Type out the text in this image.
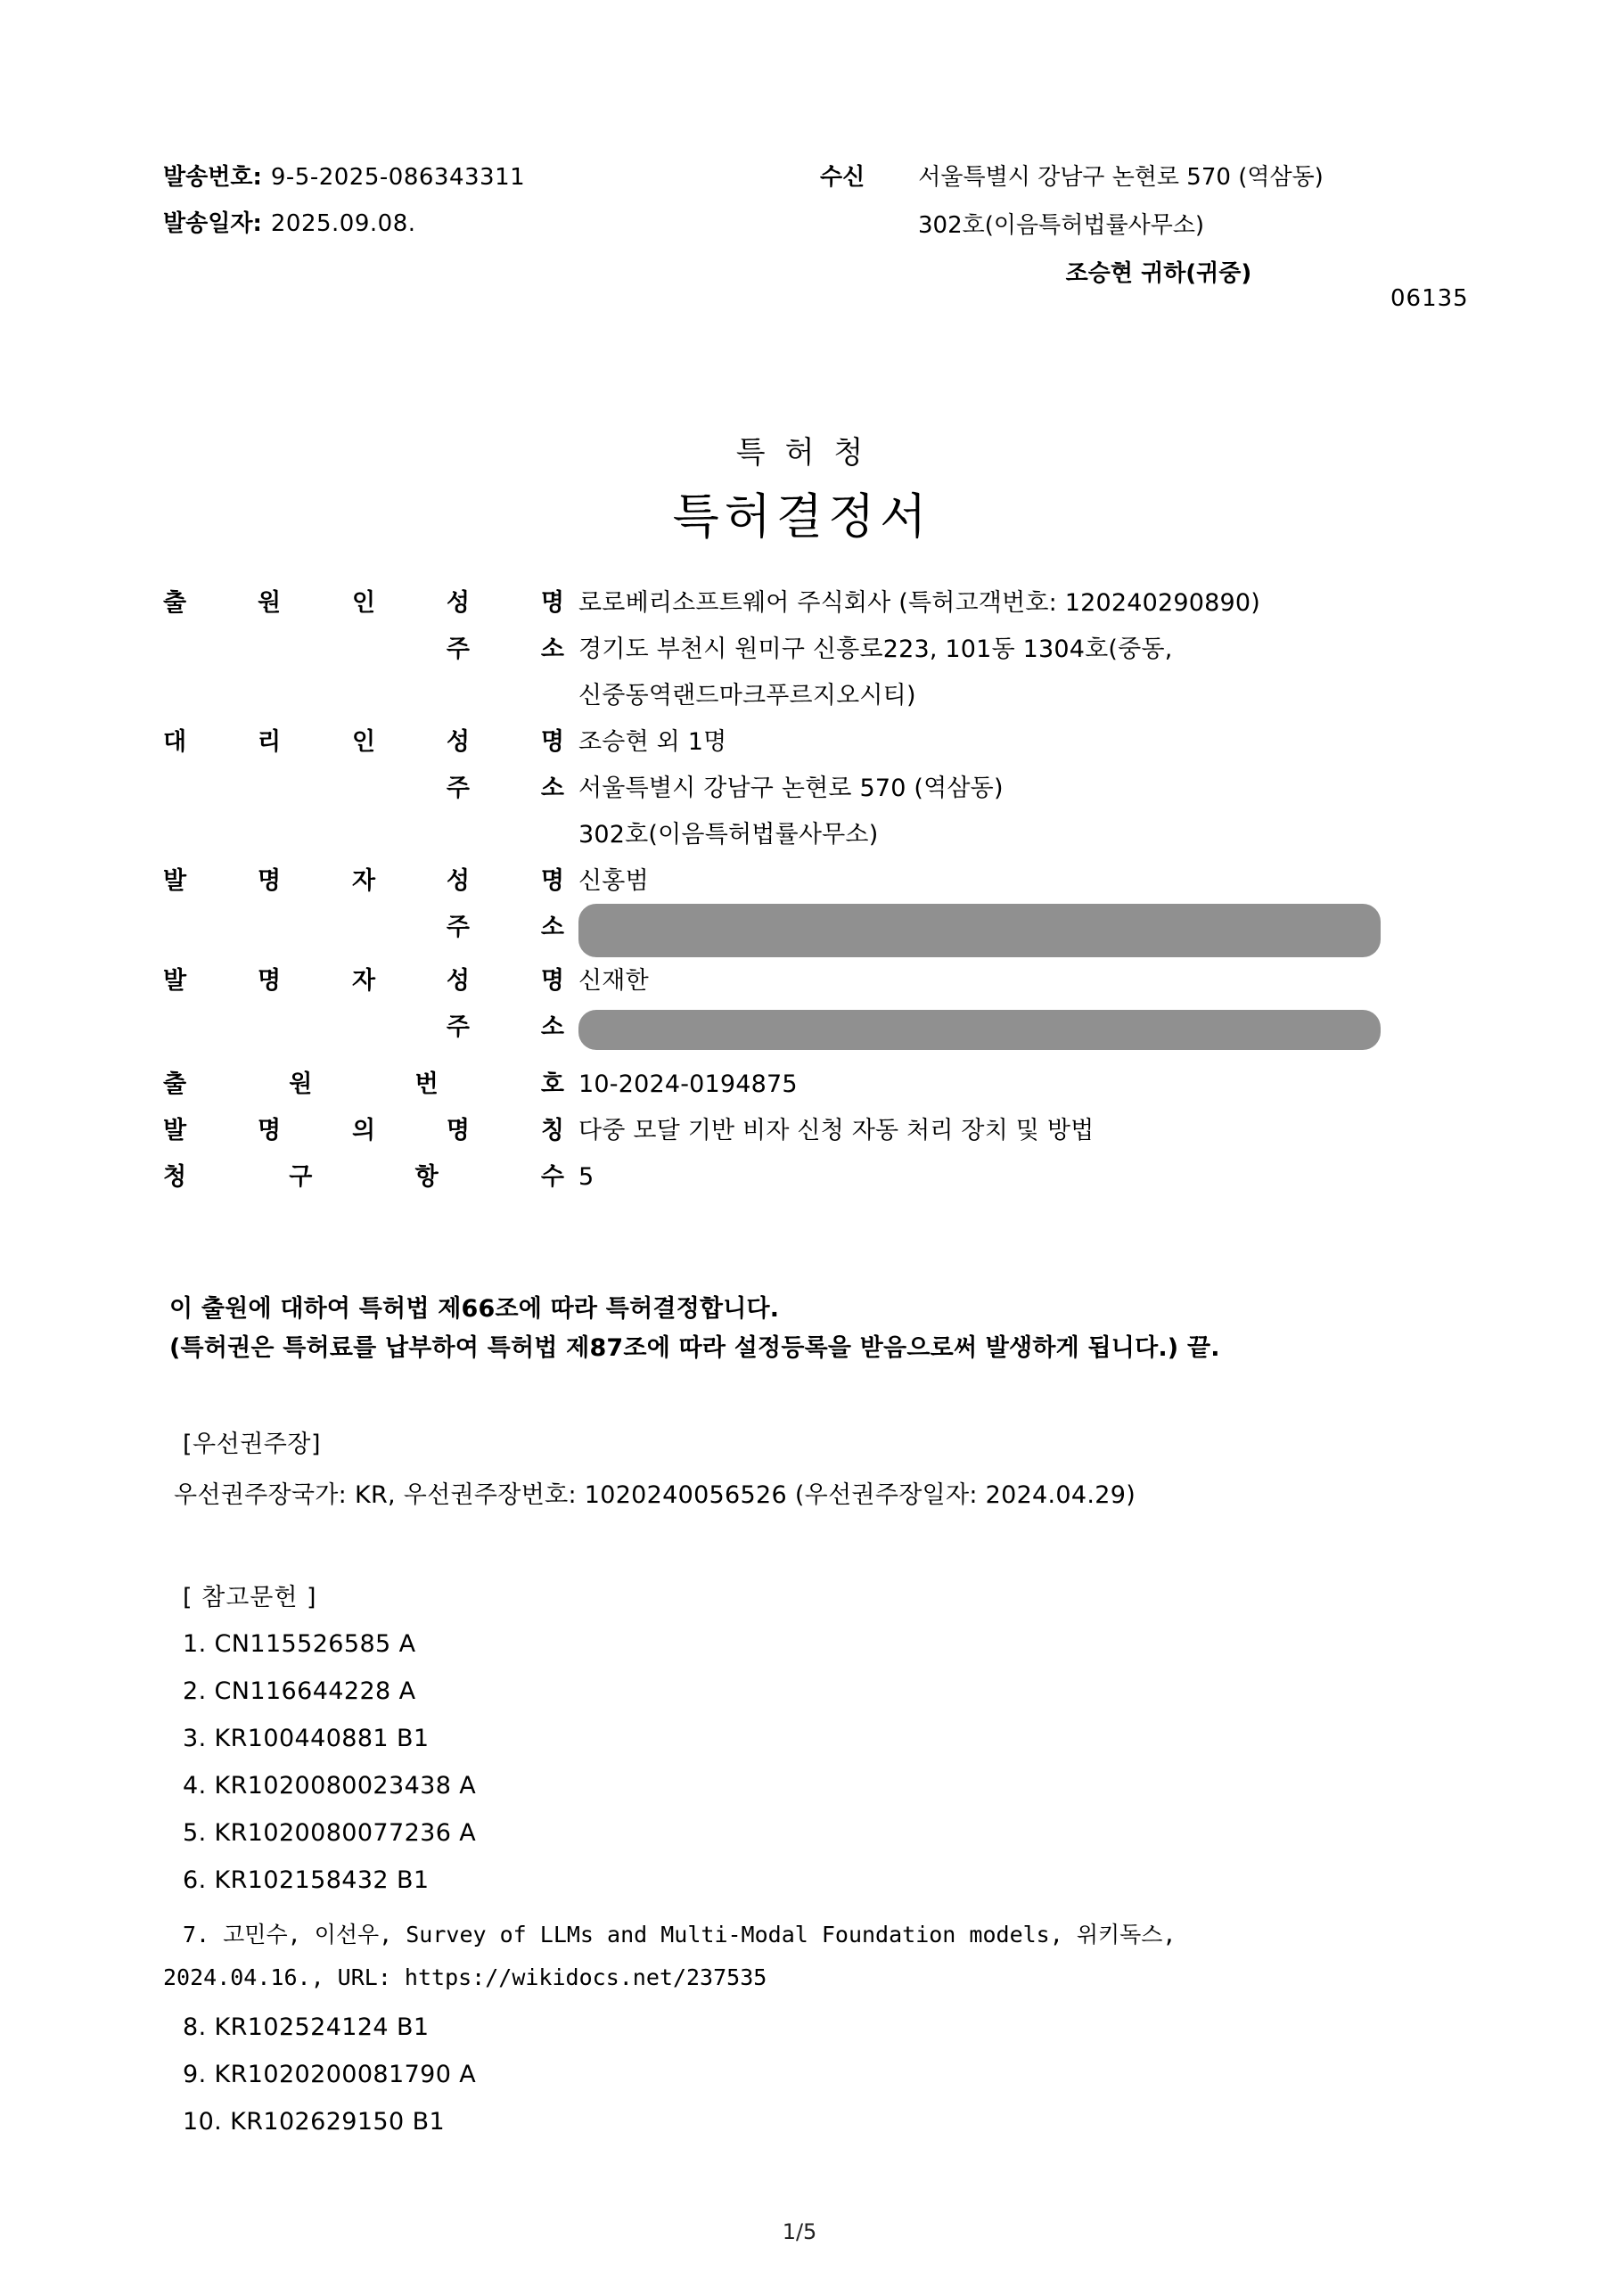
발송번호: 9-5-2025-086343311
발송일자: 2025.09.08.
수신 서울특별시 강남구 논현로 570 (역삼동)
302호(이음특허법률사무소)
조승현 귀하(귀중)
06135
특허청
특허결정서
출	원	인	성	명 로로베리소프트웨어 주식회사 (특허고객번호: 120240290890)
주	소 경기도 부천시 원미구 신흥로223, 101동 1304호(중동,
신중동역랜드마크푸르지오시티)
대	리	인	성	명 조승현 외 1명
주	소 서울특별시 강남구 논현로 570 (역삼동)
302호(이음특허법률사무소)
발	명	자	성	명 신홍범
주	소
발	명	자	성	명 신재한
주	소
출	원	번	호 10-2024-0194875
발	명	의	명	칭 다중 모달 기반 비자 신청 자동 처리 장치 및 방법
청	구	항	수 5
이 출원에 대하여 특허법 제66조에 따라 특허결정합니다.
(특허권은 특허료를 납부하여 특허법 제87조에 따라 설정등록을 받음으로써 발생하게 됩니다.) 끝.
[우선권주장]
우선권주장국가: KR, 우선권주장번호: 1020240056526 (우선권주장일자: 2024.04.29)
[ 참고문헌 ]
1. CN115526585 A
2. CN116644228 A
3. KR100440881 B1
4. KR1020080023438 A
5. KR1020080077236 A
6. KR102158432 B1
7. 고민수, 이선우, Survey of LLMs and Multi-Modal Foundation models, 위키독스,
2024.04.16., URL: https://wikidocs.net/237535
8. KR102524124 B1
9. KR1020200081790 A
10. KR102629150 B1
1/5
